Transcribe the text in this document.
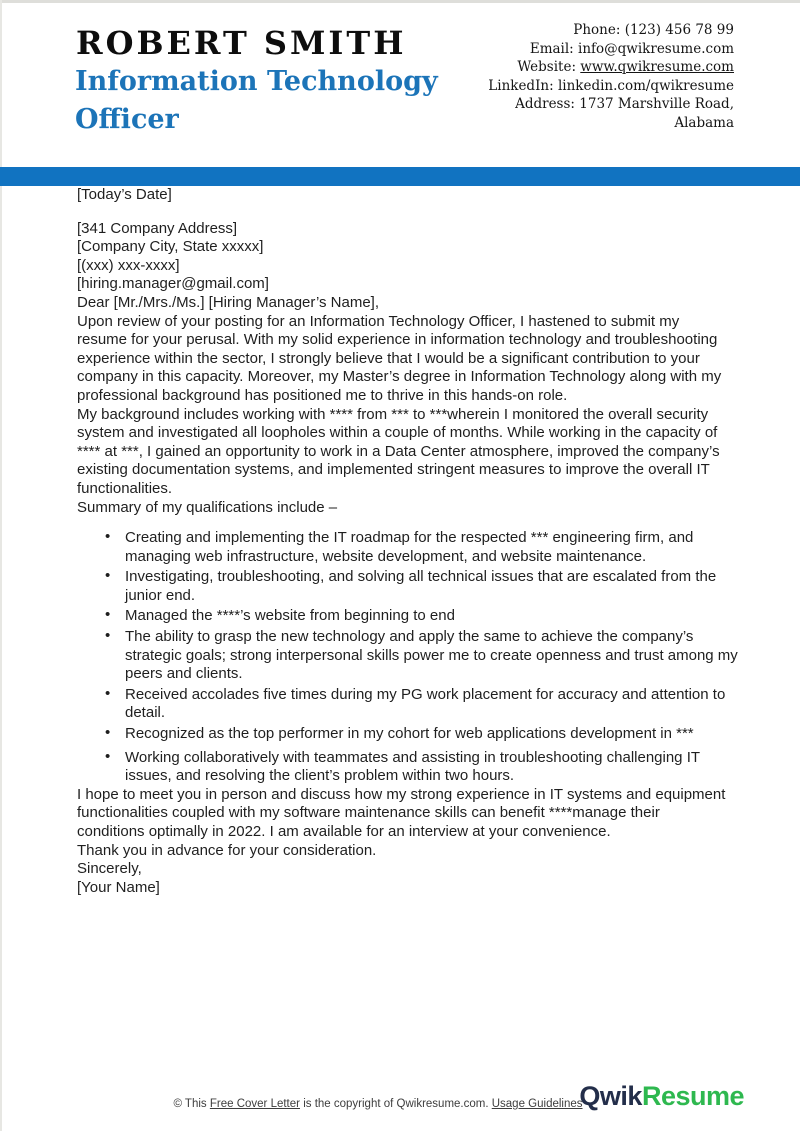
ROBERT SMITH
Information Technology Officer
Phone: (123) 456 78 99
Email: info@qwikresume.com
Website: www.qwikresume.com
LinkedIn: linkedin.com/qwikresume
Address: 1737 Marshville Road,
Alabama

[Today’s Date]

[341 Company Address]

[Company City, State xxxxx]

[(xxx) xxx-xxxx]

[hiring.manager@gmail.com]

Dear [Mr./Mrs./Ms.] [Hiring Manager’s Name],

Upon review of your posting for an Information Technology Officer, I hastened to submit my resume for your perusal. With my solid experience in information technology and troubleshooting experience within the sector, I strongly believe that I would be a significant contribution to your company in this capacity. Moreover, my Master’s degree in Information Technology along with my professional background has positioned me to thrive in this hands-on role.

My background includes working with **** from *** to ***wherein I monitored the overall security system and investigated all loopholes within a couple of months. While working in the capacity of **** at ***, I gained an opportunity to work in a Data Center atmosphere, improved the company’s existing documentation systems, and implemented stringent measures to improve the overall IT functionalities.

Summary of my qualifications include –

• Creating and implementing the IT roadmap for the respected *** engineering firm, and managing web infrastructure, website development, and website maintenance.
• Investigating, troubleshooting, and solving all technical issues that are escalated from the junior end.
• Managed the ****’s website from beginning to end
• The ability to grasp the new technology and apply the same to achieve the company’s strategic goals; strong interpersonal skills power me to create openness and trust among my peers and clients.
• Received accolades five times during my PG work placement for accuracy and attention to detail.
• Recognized as the top performer in my cohort for web applications development in ***
• Working collaboratively with teammates and assisting in troubleshooting challenging IT issues, and resolving the client’s problem within two hours.

I hope to meet you in person and discuss how my strong experience in IT systems and equipment functionalities coupled with my software maintenance skills can benefit ****manage their conditions optimally in 2022. I am available for an interview at your convenience.

Thank you in advance for your consideration.

Sincerely,

[Your Name]

© This Free Cover Letter is the copyright of Qwikresume.com. Usage Guidelines
QwikResume
